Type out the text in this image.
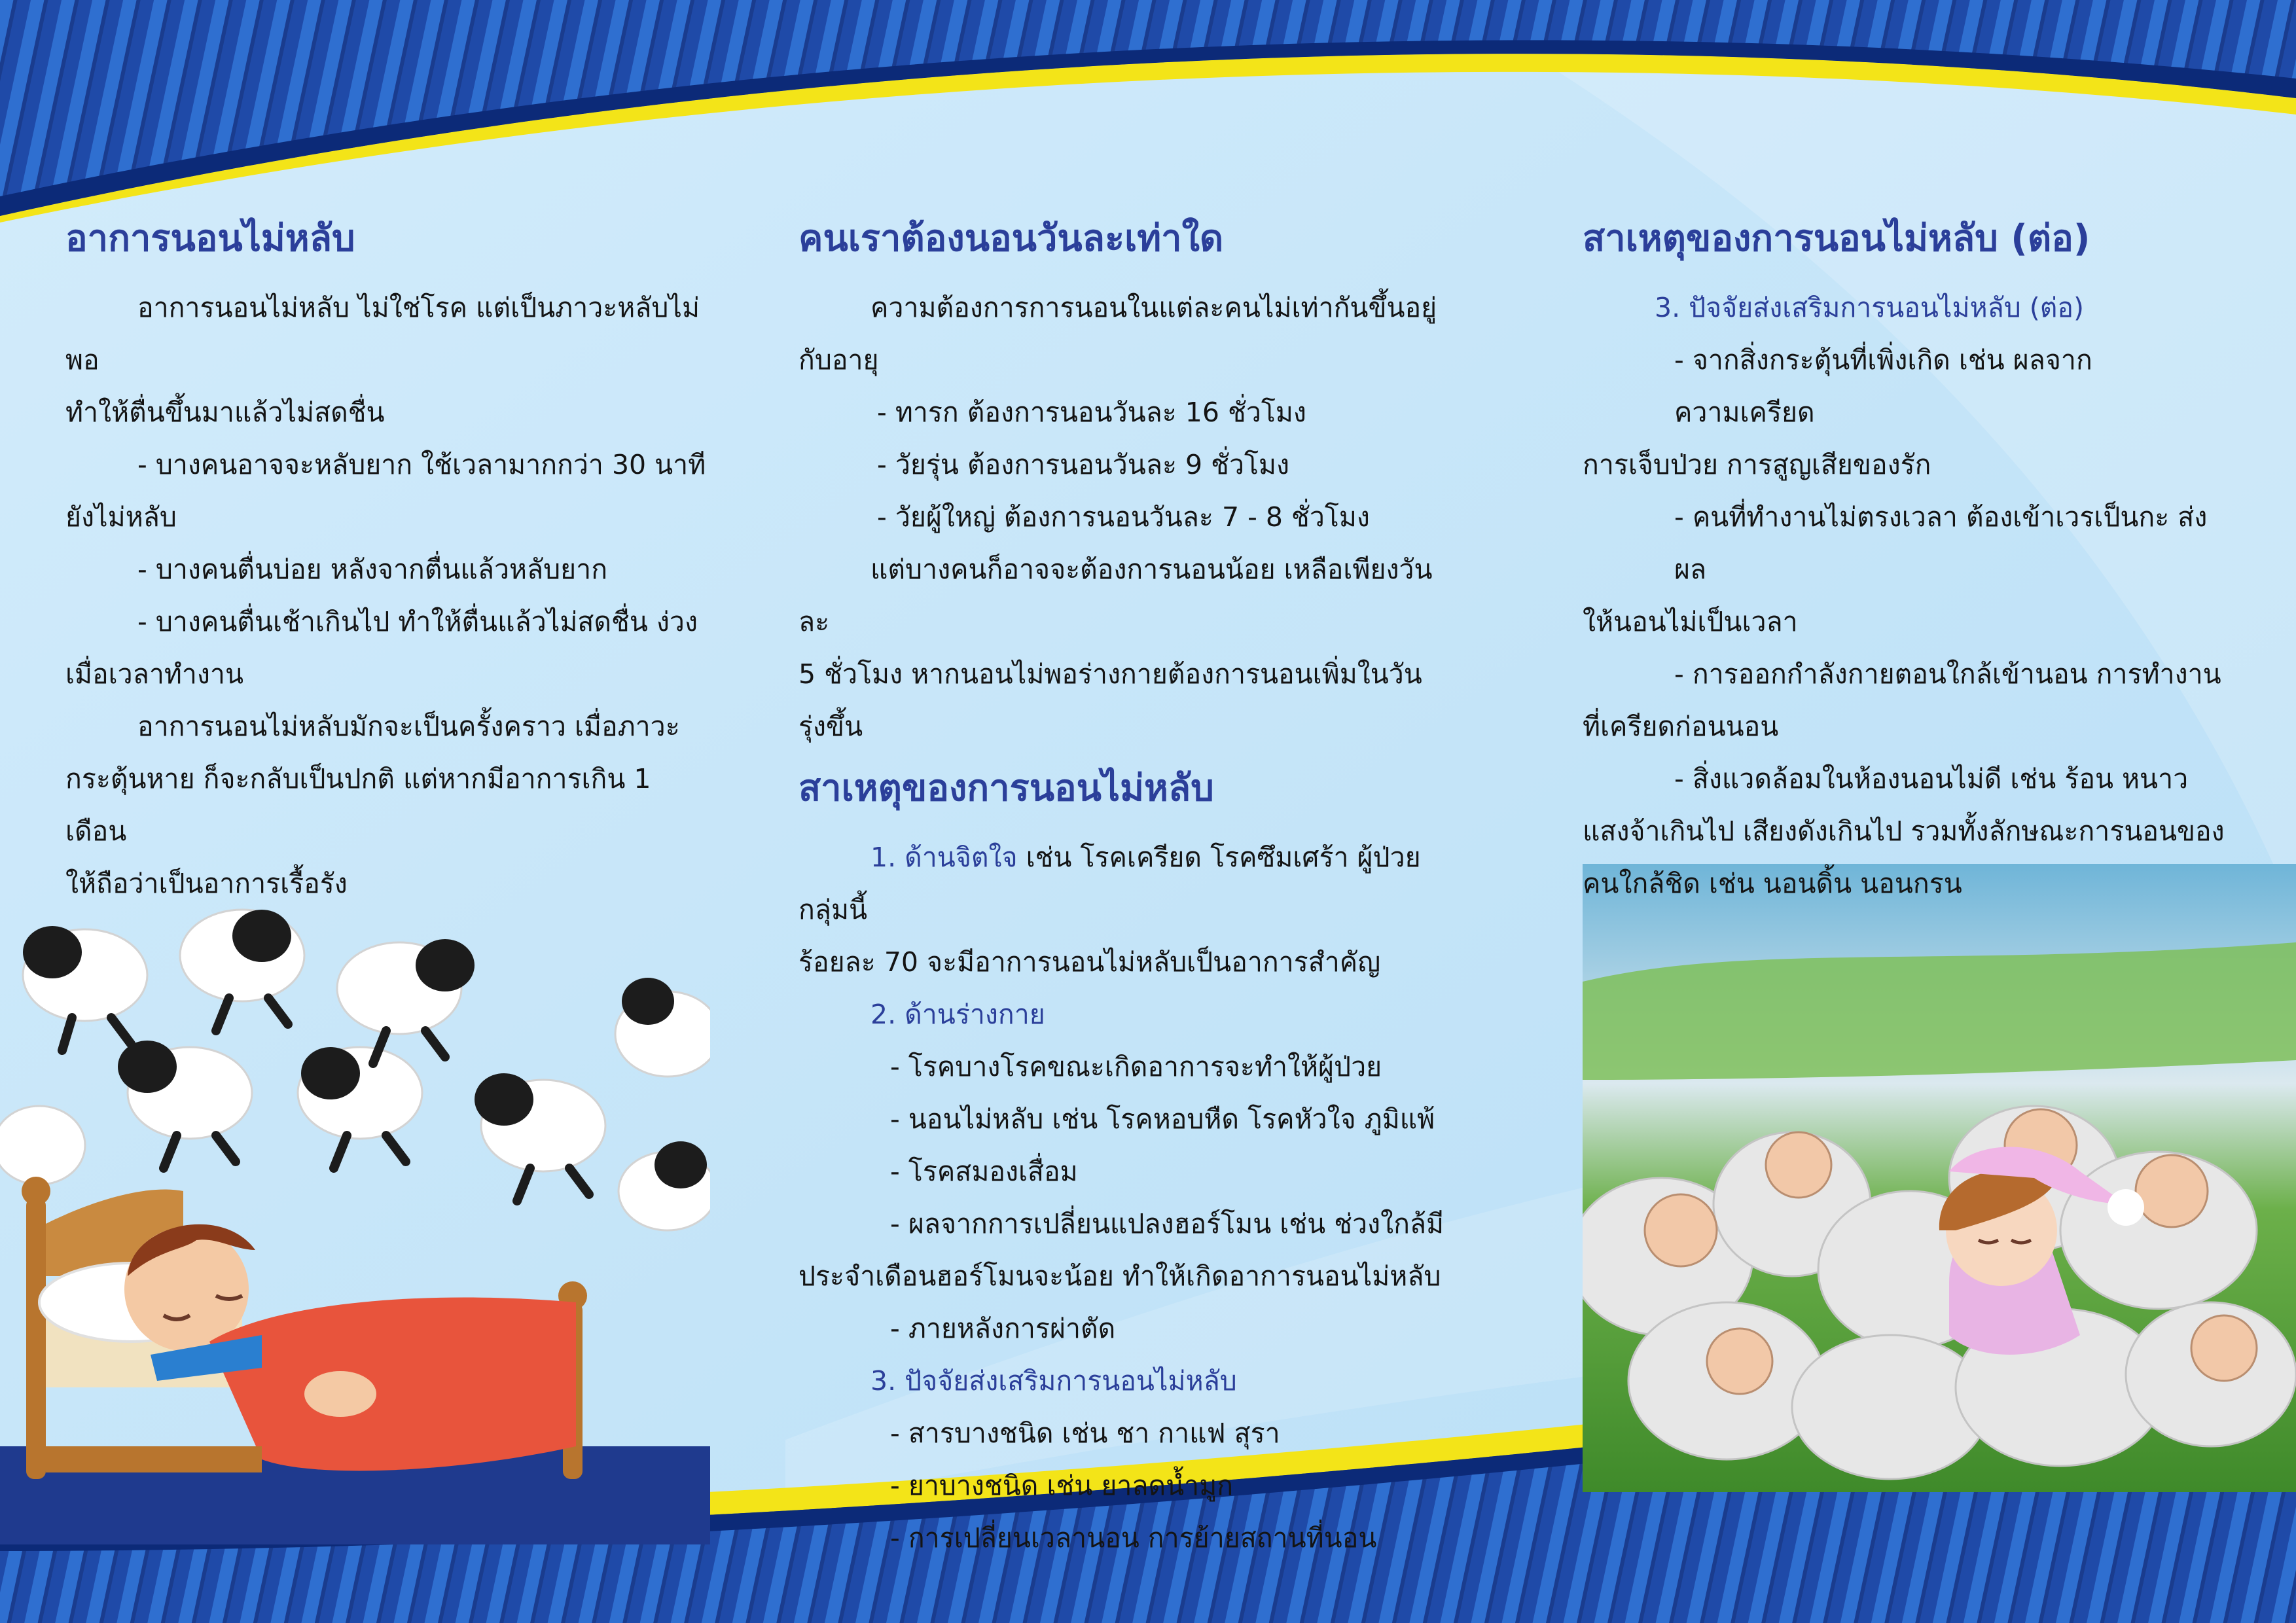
อาการนอนไม่หลับ

อาการนอนไม่หลับ ไม่ใช่โรค แต่เป็นภาวะหลับไม่พอ

ทำให้ตื่นขึ้นมาแล้วไม่สดชื่น

- บางคนอาจจะหลับยาก ใช้เวลามากกว่า 30 นาที

ยังไม่หลับ

- บางคนตื่นบ่อย หลังจากตื่นแล้วหลับยาก

- บางคนตื่นเช้าเกินไป ทำให้ตื่นแล้วไม่สดชื่น ง่วง

เมื่อเวลาทำงาน

อาการนอนไม่หลับมักจะเป็นครั้งคราว เมื่อภาวะ

กระตุ้นหาย ก็จะกลับเป็นปกติ แต่หากมีอาการเกิน 1 เดือน

ให้ถือว่าเป็นอาการเรื้อรัง

คนเราต้องนอนวันละเท่าใด

ความต้องการการนอนในแต่ละคนไม่เท่ากันขึ้นอยู่กับอายุ

- ทารก ต้องการนอนวันละ 16 ชั่วโมง

- วัยรุ่น ต้องการนอนวันละ 9 ชั่วโมง

- วัยผู้ใหญ่ ต้องการนอนวันละ 7 - 8 ชั่วโมง

แต่บางคนก็อาจจะต้องการนอนน้อย เหลือเพียงวันละ

5 ชั่วโมง หากนอนไม่พอร่างกายต้องการนอนเพิ่มในวันรุ่งขึ้น

สาเหตุของการนอนไม่หลับ

1. ด้านจิตใจ เช่น โรคเครียด โรคซึมเศร้า ผู้ป่วยกลุ่มนี้

ร้อยละ 70 จะมีอาการนอนไม่หลับเป็นอาการสำคัญ

2. ด้านร่างกาย

- โรคบางโรคขณะเกิดอาการจะทำให้ผู้ป่วย

- นอนไม่หลับ เช่น โรคหอบหืด โรคหัวใจ ภูมิแพ้

- โรคสมองเสื่อม

- ผลจากการเปลี่ยนแปลงฮอร์โมน เช่น ช่วงใกล้มี

ประจำเดือนฮอร์โมนจะน้อย ทำให้เกิดอาการนอนไม่หลับ

- ภายหลังการผ่าตัด

3. ปัจจัยส่งเสริมการนอนไม่หลับ

- สารบางชนิด เช่น ชา กาแฟ สุรา

- ยาบางชนิด เช่น ยาลดน้ำมูก

- การเปลี่ยนเวลานอน การย้ายสถานที่นอน

สาเหตุของการนอนไม่หลับ (ต่อ)

3. ปัจจัยส่งเสริมการนอนไม่หลับ (ต่อ)

- จากสิ่งกระตุ้นที่เพิ่งเกิด เช่น ผลจากความเครียด

การเจ็บป่วย การสูญเสียของรัก

- คนที่ทำงานไม่ตรงเวลา ต้องเข้าเวรเป็นกะ ส่งผล

ให้นอนไม่เป็นเวลา

- การออกกำลังกายตอนใกล้เข้านอน การทำงาน

ที่เครียดก่อนนอน

- สิ่งแวดล้อมในห้องนอนไม่ดี เช่น ร้อน หนาว

แสงจ้าเกินไป เสียงดังเกินไป รวมทั้งลักษณะการนอนของ

คนใกล้ชิด เช่น นอนดิ้น นอนกรน
